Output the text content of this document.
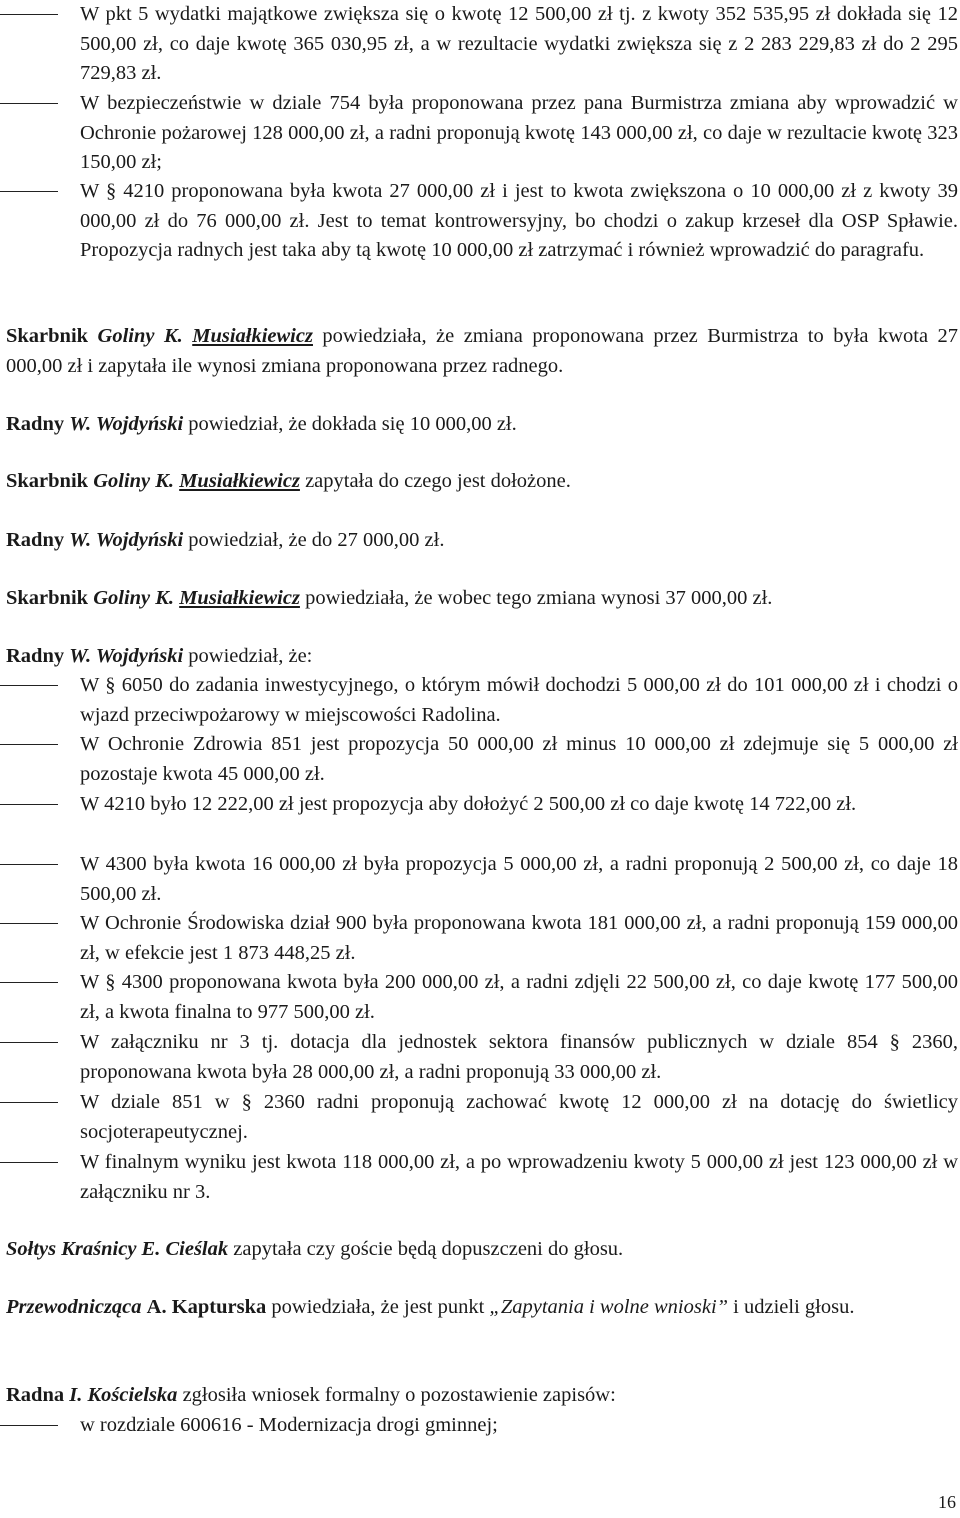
W pkt 5 wydatki majątkowe zwiększa się o kwotę 12 500,00 zł tj. z kwoty 352 535,95 zł dokłada się 12 500,00 zł, co daje kwotę 365 030,95 zł, a w rezultacie wydatki zwiększa się z 2 283 229,83 zł do 2 295 729,83 zł.
W bezpieczeństwie w dziale 754 była proponowana przez pana Burmistrza zmiana aby wprowadzić w Ochronie pożarowej 128 000,00 zł, a radni proponują kwotę 143 000,00 zł, co daje w rezultacie kwotę 323 150,00 zł;
W § 4210 proponowana była kwota 27 000,00 zł i jest to kwota zwiększona o 10 000,00 zł z kwoty 39 000,00 zł do 76 000,00 zł. Jest to temat kontrowersyjny, bo chodzi o zakup krzeseł dla OSP Spławie. Propozycja radnych jest taka aby tą kwotę 10 000,00 zł zatrzymać i również wprowadzić do paragrafu.
Skarbnik Goliny K. Musiałkiewicz powiedziała, że zmiana proponowana przez Burmistrza to była kwota 27 000,00 zł i zapytała ile wynosi zmiana proponowana przez radnego.
Radny W. Wojdyński powiedział, że dokłada się 10 000,00 zł.
Skarbnik Goliny K. Musiałkiewicz zapytała do czego jest dołożone.
Radny W. Wojdyński powiedział, że do 27 000,00 zł.
Skarbnik Goliny K. Musiałkiewicz powiedziała, że wobec tego zmiana wynosi 37 000,00 zł.
Radny W. Wojdyński powiedział, że:
W § 6050 do zadania inwestycyjnego, o którym mówił dochodzi 5 000,00 zł do 101 000,00 zł i chodzi o wjazd przeciwpożarowy w miejscowości Radolina.
W Ochronie Zdrowia 851 jest propozycja 50 000,00 zł minus 10 000,00 zł zdejmuje się 5 000,00 zł pozostaje kwota 45 000,00 zł.
W 4210 było 12 222,00 zł jest propozycja aby dołożyć 2 500,00 zł co daje kwotę 14 722,00 zł.
W 4300 była kwota 16 000,00 zł była propozycja 5 000,00 zł, a radni proponują 2 500,00 zł, co daje 18 500,00 zł.
W Ochronie Środowiska dział 900 była proponowana kwota 181 000,00 zł, a radni proponują 159 000,00 zł, w efekcie jest 1 873 448,25 zł.
W § 4300 proponowana kwota była 200 000,00 zł, a radni zdjęli 22 500,00 zł, co daje kwotę 177 500,00 zł, a kwota finalna to 977 500,00 zł.
W załączniku nr 3 tj. dotacja dla jednostek sektora finansów publicznych w dziale 854 § 2360, proponowana kwota była 28 000,00 zł, a radni proponują 33 000,00 zł.
W dziale 851 w § 2360 radni proponują zachować kwotę 12 000,00 zł na dotację do świetlicy socjoterapeutycznej.
W finalnym wyniku jest kwota 118 000,00 zł, a po wprowadzeniu kwoty 5 000,00 zł jest 123 000,00 zł w załączniku nr 3.
Sołtys Kraśnicy E. Cieślak zapytała czy goście będą dopuszczeni do głosu.
Przewodnicząca A. Kapturska powiedziała, że jest punkt „Zapytania i wolne wnioski” i udzieli głosu.
Radna I. Kościelska zgłosiła wniosek formalny o pozostawienie zapisów:
w rozdziale 600616 - Modernizacja drogi gminnej;
16
